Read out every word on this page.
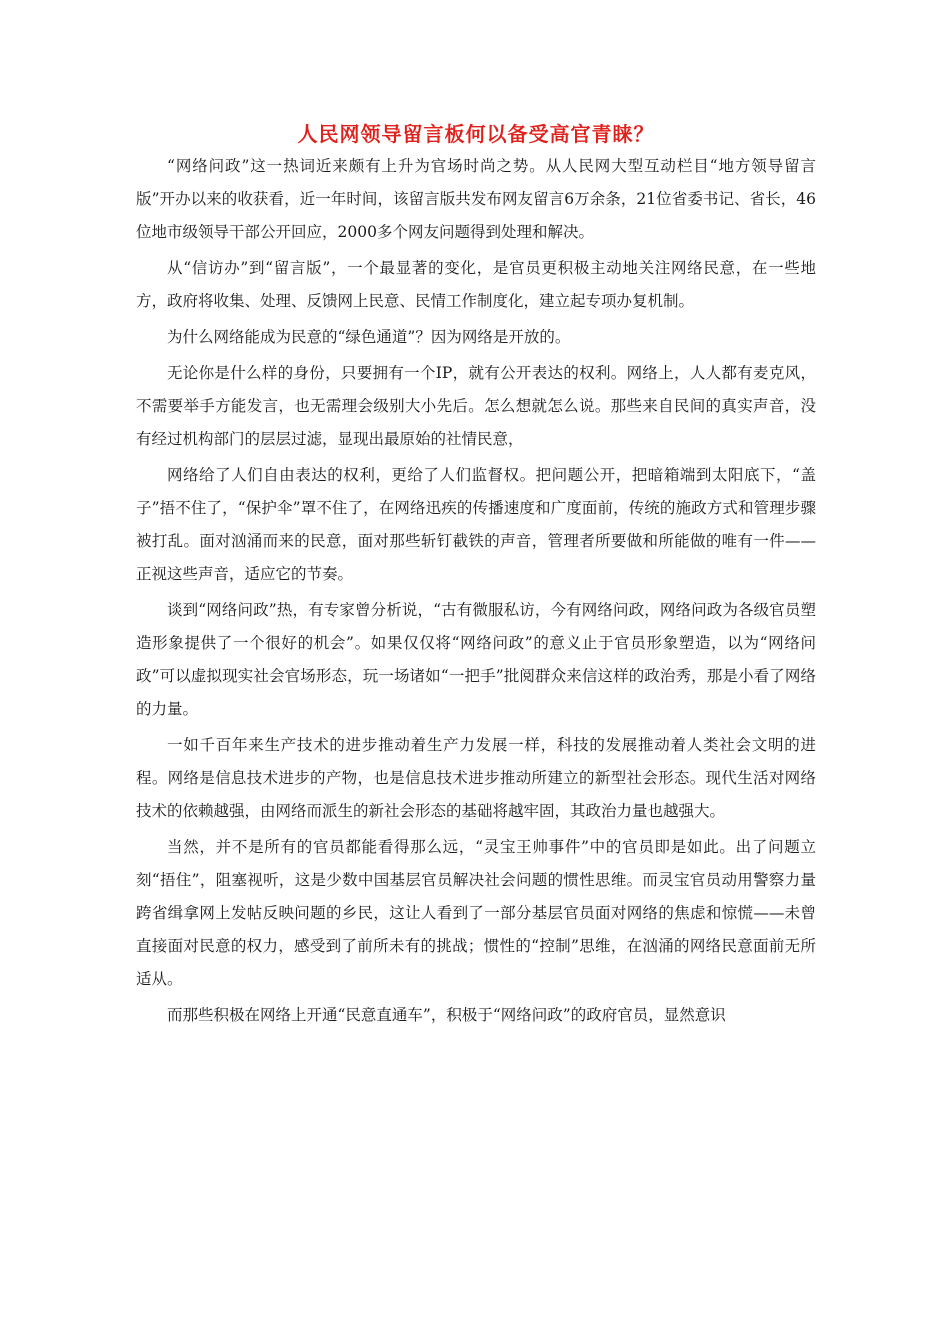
人民网领导留言板何以备受高官青睐？

“网络问政”这一热词近来颇有上升为官场时尚之势。从人民网大型互动栏目“地方领导留言版”开办以来的收获看，近一年时间，该留言版共发布网友留言6万余条，21位省委书记、省长，46位地市级领导干部公开回应，2000多个网友问题得到处理和解决。

从“信访办”到“留言版”，一个最显著的变化，是官员更积极主动地关注网络民意，在一些地方，政府将收集、处理、反馈网上民意、民情工作制度化，建立起专项办复机制。

为什么网络能成为民意的“绿色通道”？因为网络是开放的。

无论你是什么样的身份，只要拥有一个IP，就有公开表达的权利。网络上，人人都有麦克风，不需要举手方能发言，也无需理会级别大小先后。怎么想就怎么说。那些来自民间的真实声音，没有经过机构部门的层层过滤，显现出最原始的社情民意，

网络给了人们自由表达的权利，更给了人们监督权。把问题公开，把暗箱端到太阳底下，“盖子”捂不住了，“保护伞”罩不住了，在网络迅疾的传播速度和广度面前，传统的施政方式和管理步骤被打乱。面对汹涌而来的民意，面对那些斩钉截铁的声音，管理者所要做和所能做的唯有一件——正视这些声音，适应它的节奏。

谈到“网络问政”热，有专家曾分析说，“古有微服私访，今有网络问政，网络问政为各级官员塑造形象提供了一个很好的机会”。如果仅仅将“网络问政”的意义止于官员形象塑造，以为“网络问政”可以虚拟现实社会官场形态，玩一场诸如“一把手”批阅群众来信这样的政治秀，那是小看了网络的力量。

一如千百年来生产技术的进步推动着生产力发展一样，科技的发展推动着人类社会文明的进程。网络是信息技术进步的产物，也是信息技术进步推动所建立的新型社会形态。现代生活对网络技术的依赖越强，由网络而派生的新社会形态的基础将越牢固，其政治力量也越强大。

当然，并不是所有的官员都能看得那么远，“灵宝王帅事件”中的官员即是如此。出了问题立刻“捂住”，阻塞视听，这是少数中国基层官员解决社会问题的惯性思维。而灵宝官员动用警察力量跨省缉拿网上发帖反映问题的乡民，这让人看到了一部分基层官员面对网络的焦虑和惊慌——未曾直接面对民意的权力，感受到了前所未有的挑战；惯性的“控制”思维，在汹涌的网络民意面前无所适从。

而那些积极在网络上开通“民意直通车”，积极于“网络问政”的政府官员，显然意识
